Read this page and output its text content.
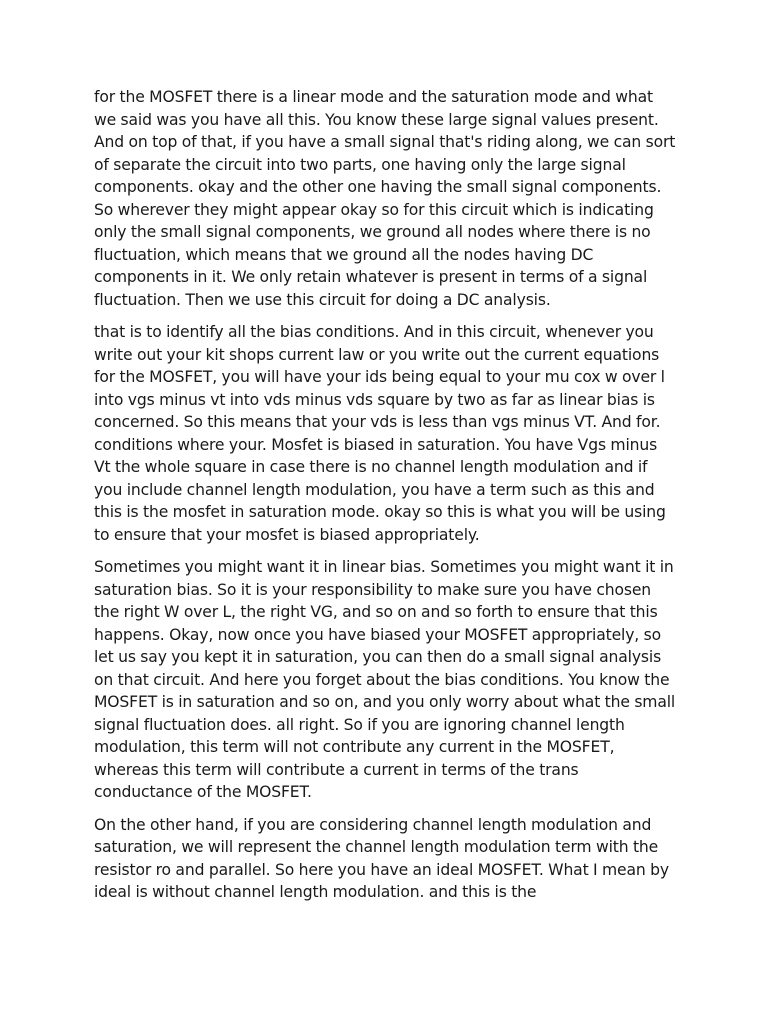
for the MOSFET there is a linear mode and the saturation mode and what we said was you have all this. You know these large signal values present. And on top of that, if you have a small signal that's riding along, we can sort of separate the circuit into two parts, one having only the large signal components. okay and the other one having the small signal components. So wherever they might appear okay so for this circuit which is indicating only the small signal components, we ground all nodes where there is no fluctuation, which means that we ground all the nodes having DC components in it. We only retain whatever is present in terms of a signal fluctuation. Then we use this circuit for doing a DC analysis.

that is to identify all the bias conditions. And in this circuit, whenever you write out your kit shops current law or you write out the current equations for the MOSFET, you will have your ids being equal to your mu cox w over l into vgs minus vt into vds minus vds square by two as far as linear bias is concerned. So this means that your vds is less than vgs minus VT. And for. conditions where your. Mosfet is biased in saturation. You have Vgs minus Vt the whole square in case there is no channel length modulation and if you include channel length modulation, you have a term such as this and this is the mosfet in saturation mode. okay so this is what you will be using to ensure that your mosfet is biased appropriately.

Sometimes you might want it in linear bias. Sometimes you might want it in saturation bias. So it is your responsibility to make sure you have chosen the right W over L, the right VG, and so on and so forth to ensure that this happens. Okay, now once you have biased your MOSFET appropriately, so let us say you kept it in saturation, you can then do a small signal analysis on that circuit. And here you forget about the bias conditions. You know the MOSFET is in saturation and so on, and you only worry about what the small signal fluctuation does. all right. So if you are ignoring channel length modulation, this term will not contribute any current in the MOSFET, whereas this term will contribute a current in terms of the trans conductance of the MOSFET.

On the other hand, if you are considering channel length modulation and saturation, we will represent the channel length modulation term with the resistor ro and parallel. So here you have an ideal MOSFET. What I mean by ideal is without channel length modulation. and this is the
